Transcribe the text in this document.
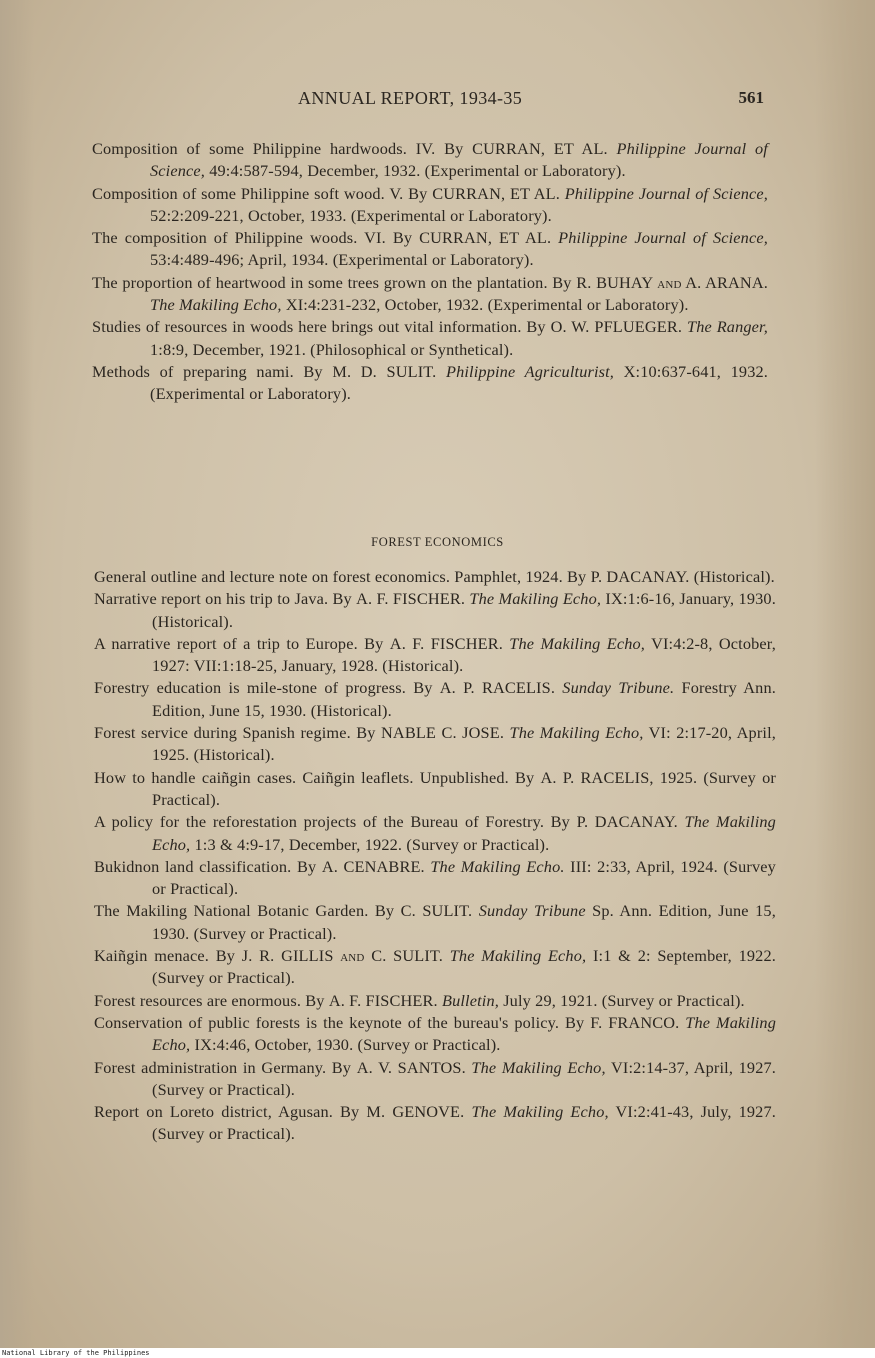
ANNUAL REPORT, 1934-35	561
Composition of some Philippine hardwoods. IV. By CURRAN, ET AL. Philippine Journal of Science, 49:4:587-594, December, 1932. (Experimental or Laboratory).
Composition of some Philippine soft wood. V. By CURRAN, ET AL. Philippine Journal of Science, 52:2:209-221, October, 1933. (Experimental or Laboratory).
The composition of Philippine woods. VI. By CURRAN, ET AL. Philippine Journal of Science, 53:4:489-496; April, 1934. (Experimental or Laboratory).
The proportion of heartwood in some trees grown on the plantation. By R. BUHAY and A. ARANA. The Makiling Echo, XI:4:231-232, October, 1932. (Experimental or Laboratory).
Studies of resources in woods here brings out vital information. By O. W. PFLUEGER. The Ranger, 1:8:9, December, 1921. (Philosophical or Synthetical).
Methods of preparing nami. By M. D. SULIT. Philippine Agriculturist, X:10:637-641, 1932. (Experimental or Laboratory).
FOREST ECONOMICS
General outline and lecture note on forest economics. Pamphlet, 1924. By P. DACANAY. (Historical).
Narrative report on his trip to Java. By A. F. FISCHER. The Makiling Echo, IX:1:6-16, January, 1930. (Historical).
A narrative report of a trip to Europe. By A. F. FISCHER. The Makiling Echo, VI:4:2-8, October, 1927: VII:1:18-25, January, 1928. (Historical).
Forestry education is mile-stone of progress. By A. P. RACELIS. Sunday Tribune. Forestry Ann. Edition, June 15, 1930. (Historical).
Forest service during Spanish regime. By NABLE C. JOSE. The Makiling Echo, VI: 2:17-20, April, 1925. (Historical).
How to handle caiñgin cases. Caiñgin leaflets. Unpublished. By A. P. RACELIS, 1925. (Survey or Practical).
A policy for the reforestation projects of the Bureau of Forestry. By P. DACANAY. The Makiling Echo, 1:3 & 4:9-17, December, 1922. (Survey or Practical).
Bukidnon land classification. By A. CENABRE. The Makiling Echo. III: 2:33, April, 1924. (Survey or Practical).
The Makiling National Botanic Garden. By C. SULIT. Sunday Tribune Sp. Ann. Edition, June 15, 1930. (Survey or Practical).
Kaiñgin menace. By J. R. GILLIS and C. SULIT. The Makiling Echo, I:1 & 2: September, 1922. (Survey or Practical).
Forest resources are enormous. By A. F. FISCHER. Bulletin, July 29, 1921. (Survey or Practical).
Conservation of public forests is the keynote of the bureau's policy. By F. FRANCO. The Makiling Echo, IX:4:46, October, 1930. (Survey or Practical).
Forest administration in Germany. By A. V. SANTOS. The Makiling Echo, VI:2:14-37, April, 1927. (Survey or Practical).
Report on Loreto district, Agusan. By M. GENOVE. The Makiling Echo, VI:2:41-43, July, 1927. (Survey or Practical).
National Library of the Philippines
